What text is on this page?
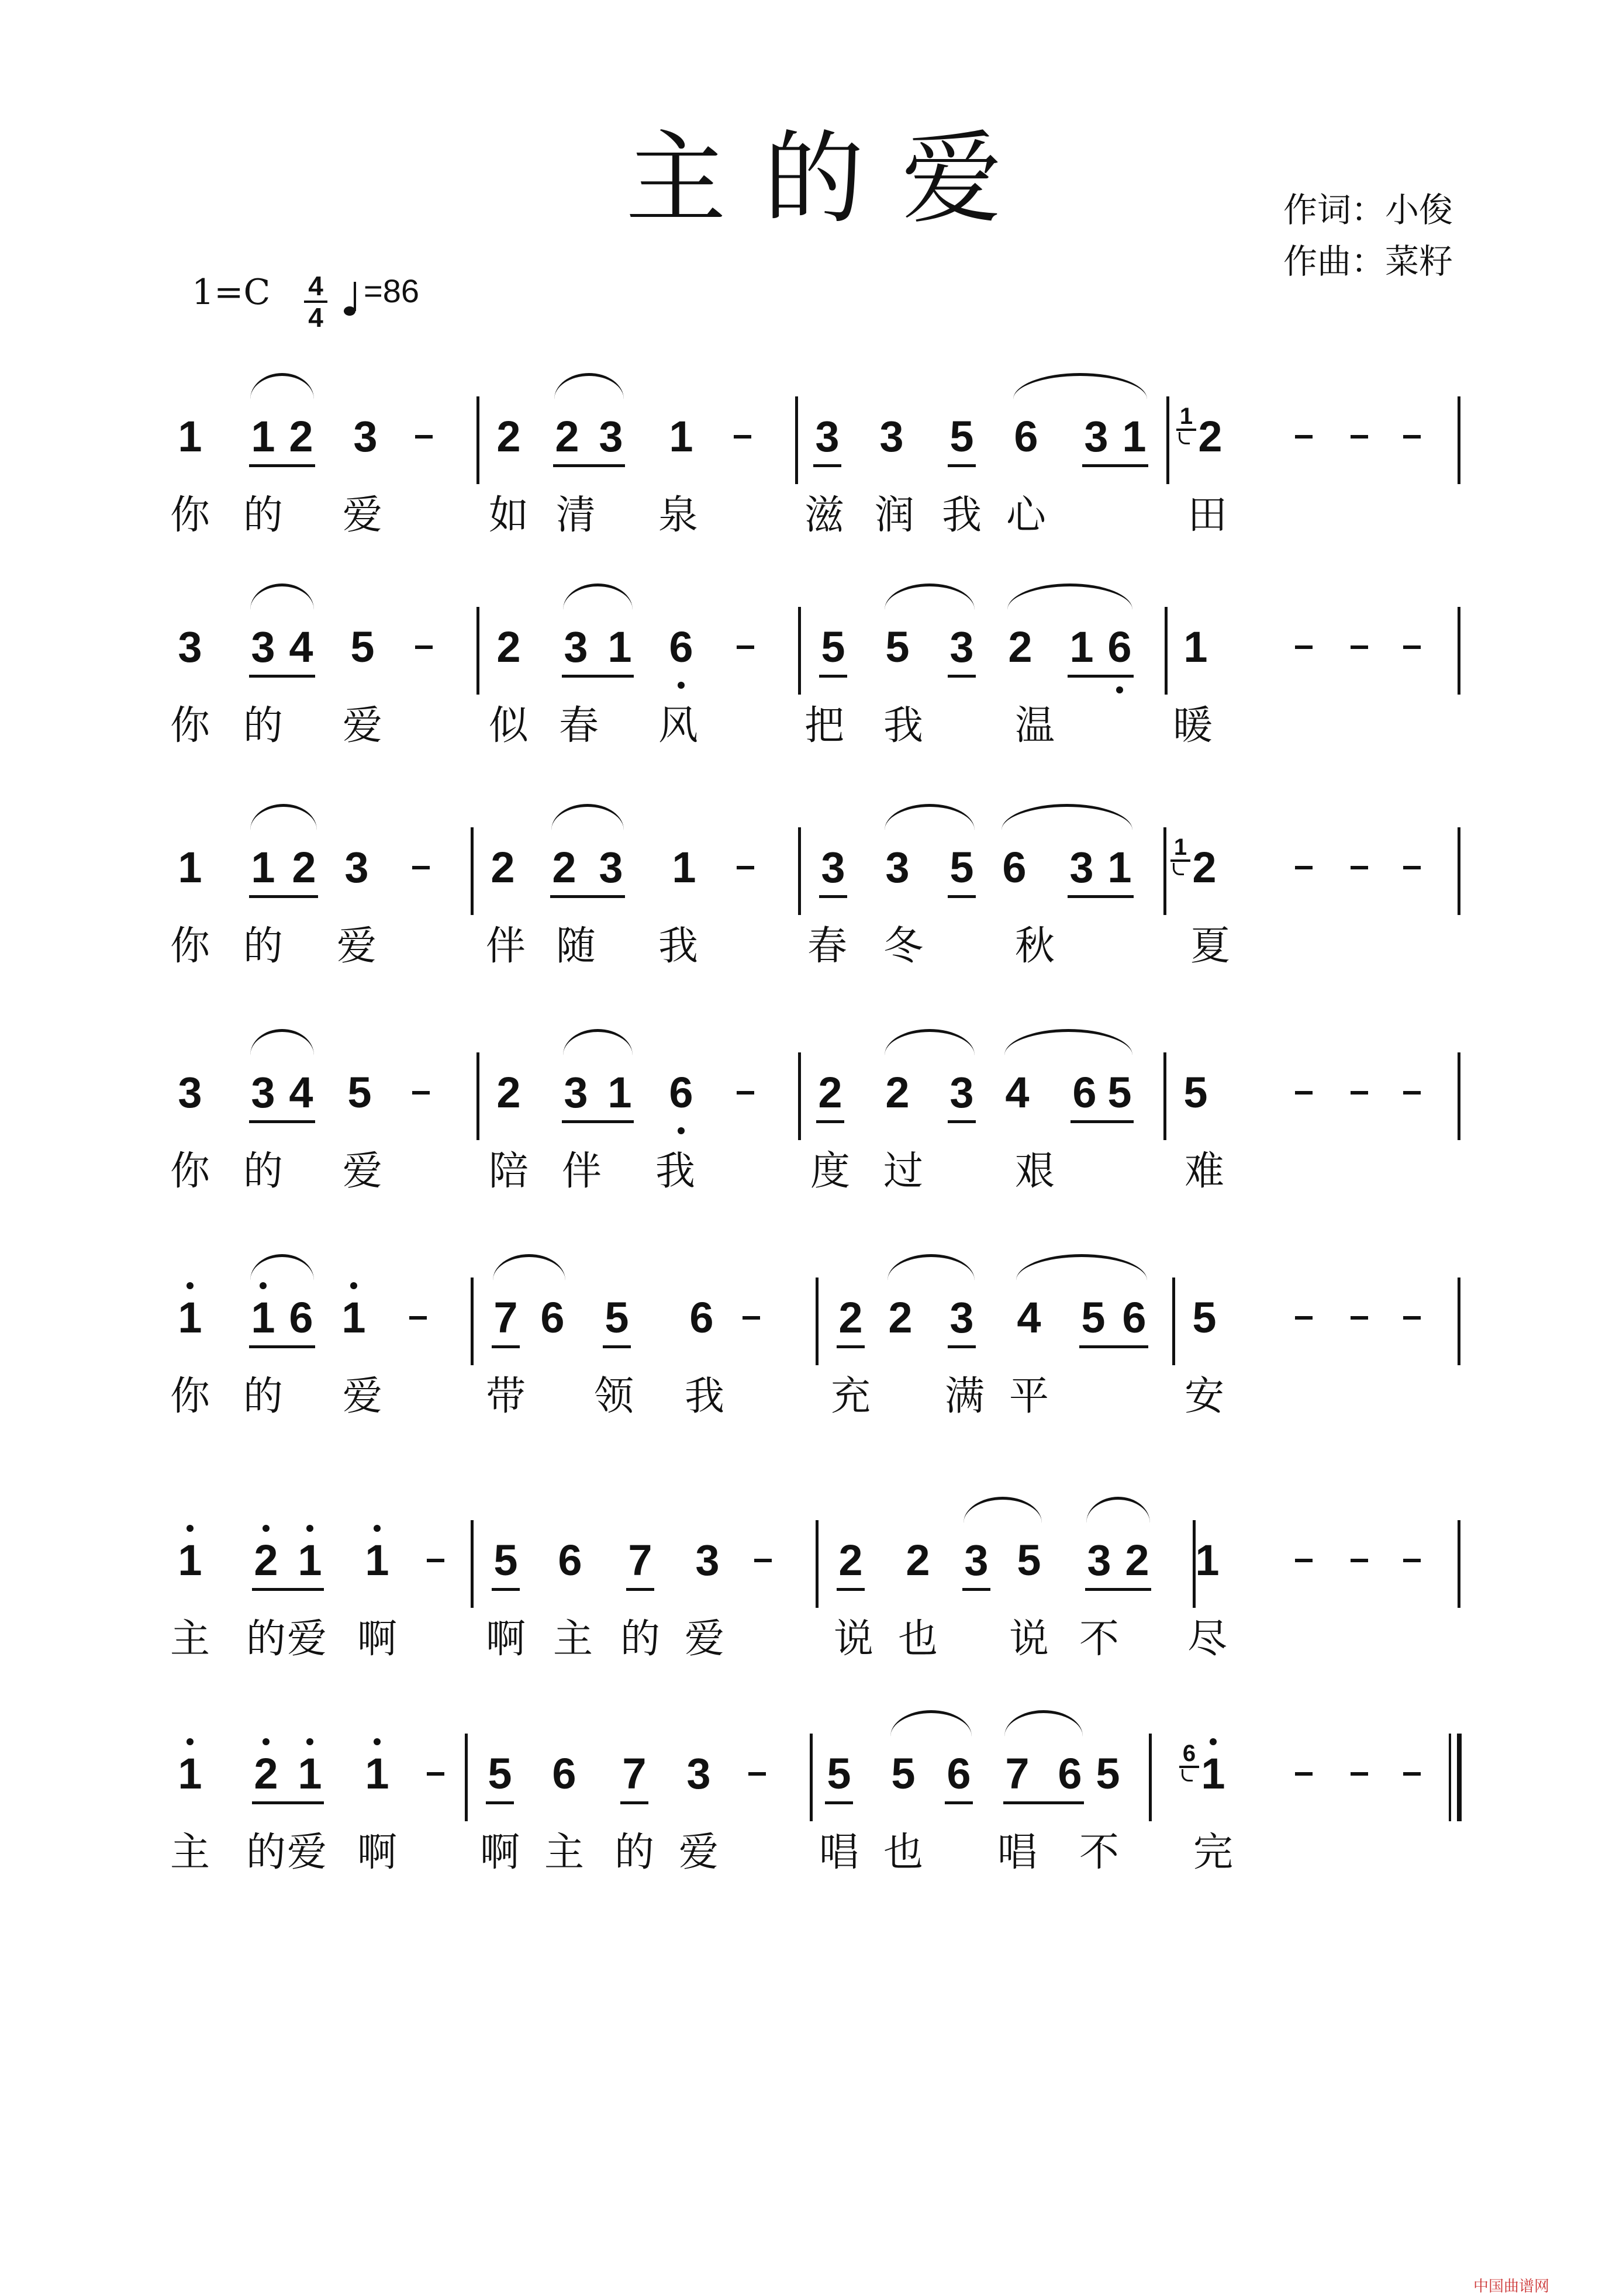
主的爱	作词：小俊
作曲：菜籽
$1=C \frac{4}{4} =86$
1 1 2 3	2 2 3 1	3 3 5 6 3 1 2
1
你 的 爱	如 清 泉	滋 润 我 心	田
3 3 4 5	2 3 1 6	5 5 3 2 1 6 1
你 的 爱	似 春 风	把 我 温	暖
1 1 2 3	2 2 3 1	3 3 5 6 3 1 2
1
你 的 爱	伴 随 我	春 冬 秋	夏
3 3 4 5	2 3 1 6	2 2 3 4 6 5 5
你 的 爱	陪 伴 我	度 过 艰	难
1 1 6 1	7 6 5 6	2 2 3 4 5 6 5
你 的 爱	带 领 我	充 满 平	安
1 2 1 1 5 6 7 3	2 2 3 5 3 2 1
主 的 爱 啊 啊 主 的 爱	说 也 说 不 尽
1 2 1 1 5 6 7 3	5 5 6 7 6 5 1
6
主 的 爱 啊 啊 主 的 爱	唱 也 唱 不 完
中国曲谱网
